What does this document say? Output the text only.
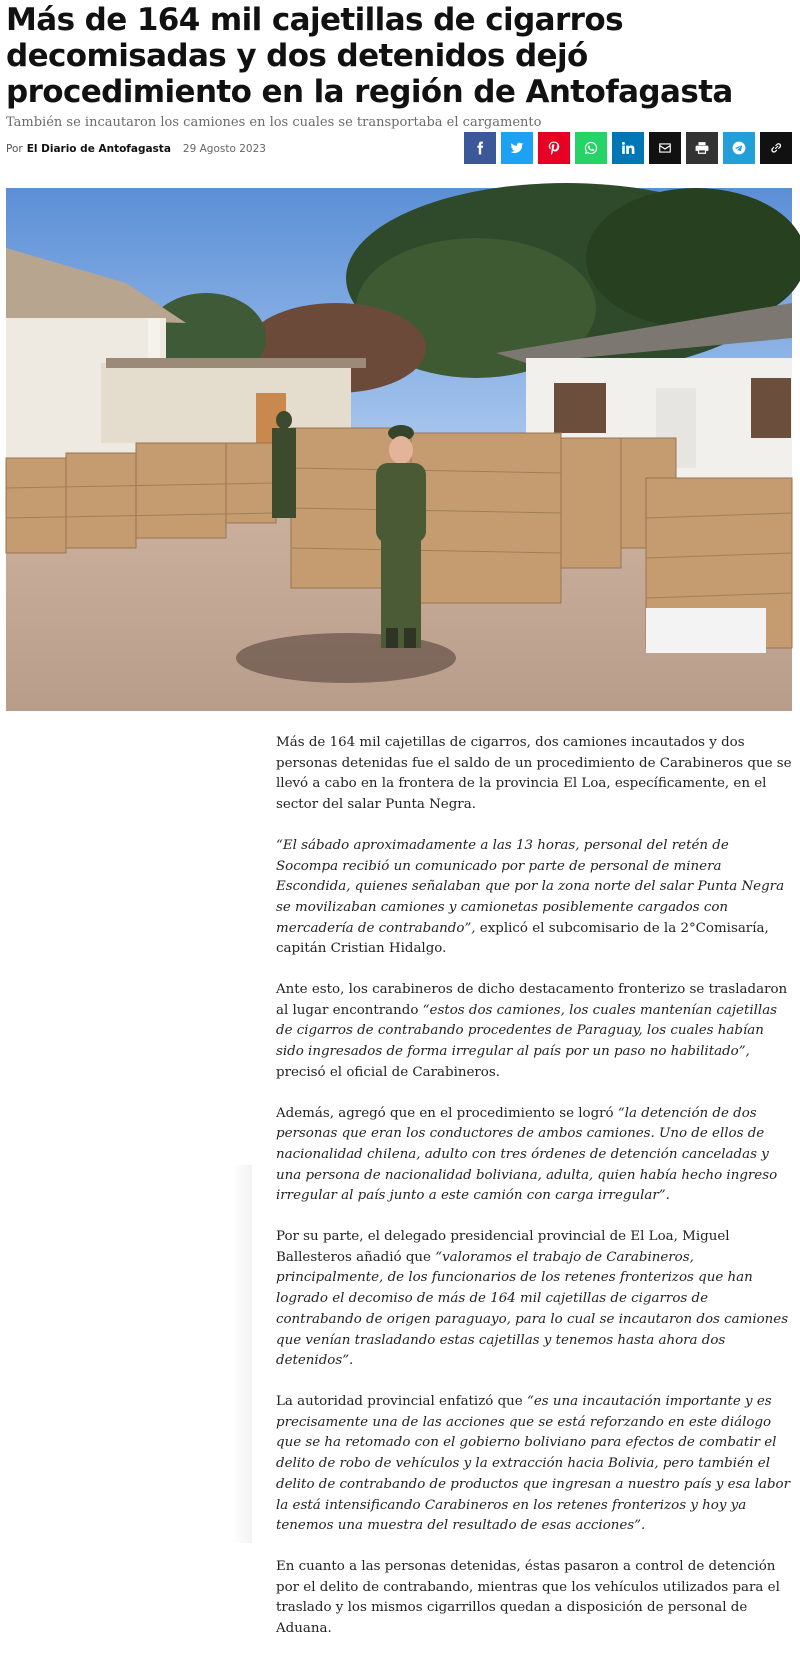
Más de 164 mil cajetillas de cigarros decomisadas y dos detenidos dejó procedimiento en la región de Antofagasta
También se incautaron los camiones en los cuales se transportaba el cargamento
Por El Diario de Antofagasta 29 Agosto 2023

Más de 164 mil cajetillas de cigarros, dos camiones incautados y dos personas detenidas fue el saldo de un procedimiento de Carabineros que se llevó a cabo en la frontera de la provincia El Loa, específicamente, en el sector del salar Punta Negra.

“El sábado aproximadamente a las 13 horas, personal del retén de Socompa recibió un comunicado por parte de personal de minera Escondida, quienes señalaban que por la zona norte del salar Punta Negra se movilizaban camiones y camionetas posiblemente cargados con mercadería de contrabando”, explicó el subcomisario de la 2°Comisaría, capitán Cristian Hidalgo.

Ante esto, los carabineros de dicho destacamento fronterizo se trasladaron al lugar encontrando “estos dos camiones, los cuales mantenían cajetillas de cigarros de contrabando procedentes de Paraguay, los cuales habían sido ingresados de forma irregular al país por un paso no habilitado”, precisó el oficial de Carabineros.

Además, agregó que en el procedimiento se logró “la detención de dos personas que eran los conductores de ambos camiones. Uno de ellos de nacionalidad chilena, adulto con tres órdenes de detención canceladas y una persona de nacionalidad boliviana, adulta, quien había hecho ingreso irregular al país junto a este camión con carga irregular”.

Por su parte, el delegado presidencial provincial de El Loa, Miguel Ballesteros añadió que “valoramos el trabajo de Carabineros, principalmente, de los funcionarios de los retenes fronterizos que han logrado el decomiso de más de 164 mil cajetillas de cigarros de contrabando de origen paraguayo, para lo cual se incautaron dos camiones que venían trasladando estas cajetillas y tenemos hasta ahora dos detenidos”.

La autoridad provincial enfatizó que “es una incautación importante y es precisamente una de las acciones que se está reforzando en este diálogo que se ha retomado con el gobierno boliviano para efectos de combatir el delito de robo de vehículos y la extracción hacia Bolivia, pero también el delito de contrabando de productos que ingresan a nuestro país y esa labor la está intensificando Carabineros en los retenes fronterizos y hoy ya tenemos una muestra del resultado de esas acciones”.

En cuanto a las personas detenidas, éstas pasaron a control de detención por el delito de contrabando, mientras que los vehículos utilizados para el traslado y los mismos cigarrillos quedan a disposición de personal de Aduana.
